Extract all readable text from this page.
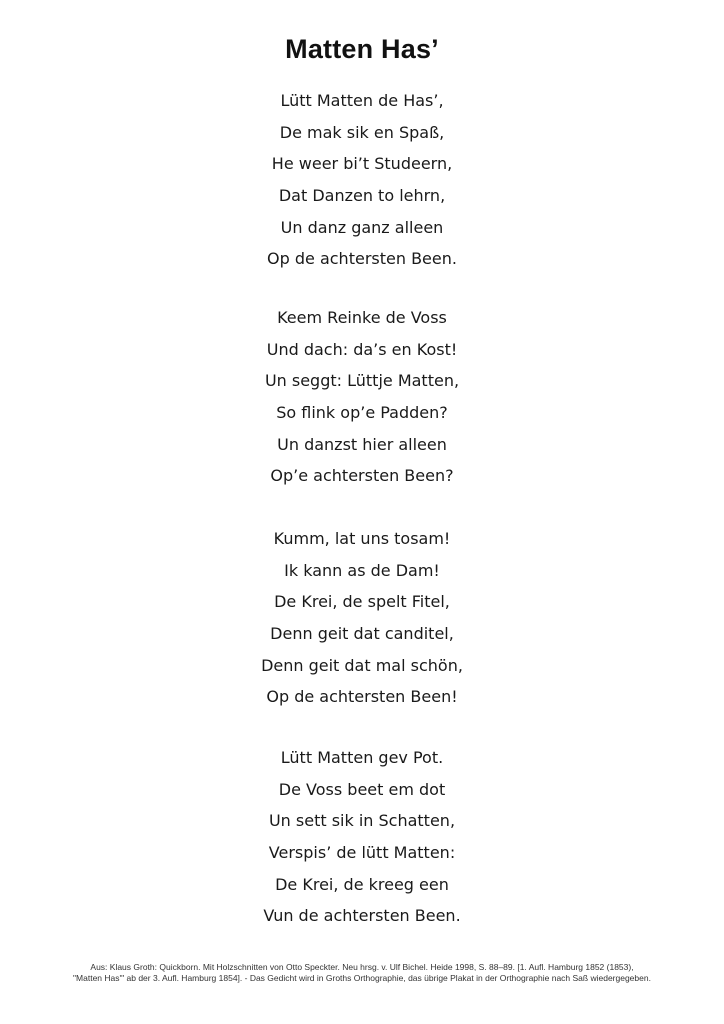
Matten Has’
Lütt Matten de Has’,
De mak sik en Spaß,
He weer bi’t Studeern,
Dat Danzen to lehrn,
Un danz ganz alleen
Op de achtersten Been.
Keem Reinke de Voss
Und dach: da’s en Kost!
Un seggt: Lüttje Matten,
So flink op’e Padden?
Un danzst hier alleen
Op’e achtersten Been?
Kumm, lat uns tosam!
Ik kann as de Dam!
De Krei, de spelt Fitel,
Denn geit dat canditel,
Denn geit dat mal schön,
Op de achtersten Been!
Lütt Matten gev Pot.
De Voss beet em dot
Un sett sik in Schatten,
Verspis’ de lütt Matten:
De Krei, de kreeg een
Vun de achtersten Been.
Aus: Klaus Groth: Quickborn. Mit Holzschnitten von Otto Speckter. Neu hrsg. v. Ulf Bichel. Heide 1998, S. 88–89. [1. Aufl. Hamburg 1852 (1853),
"Matten Has'" ab der 3. Aufl. Hamburg 1854]. - Das Gedicht wird in Groths Orthographie, das übrige Plakat in der Orthographie nach Saß wiedergegeben.
